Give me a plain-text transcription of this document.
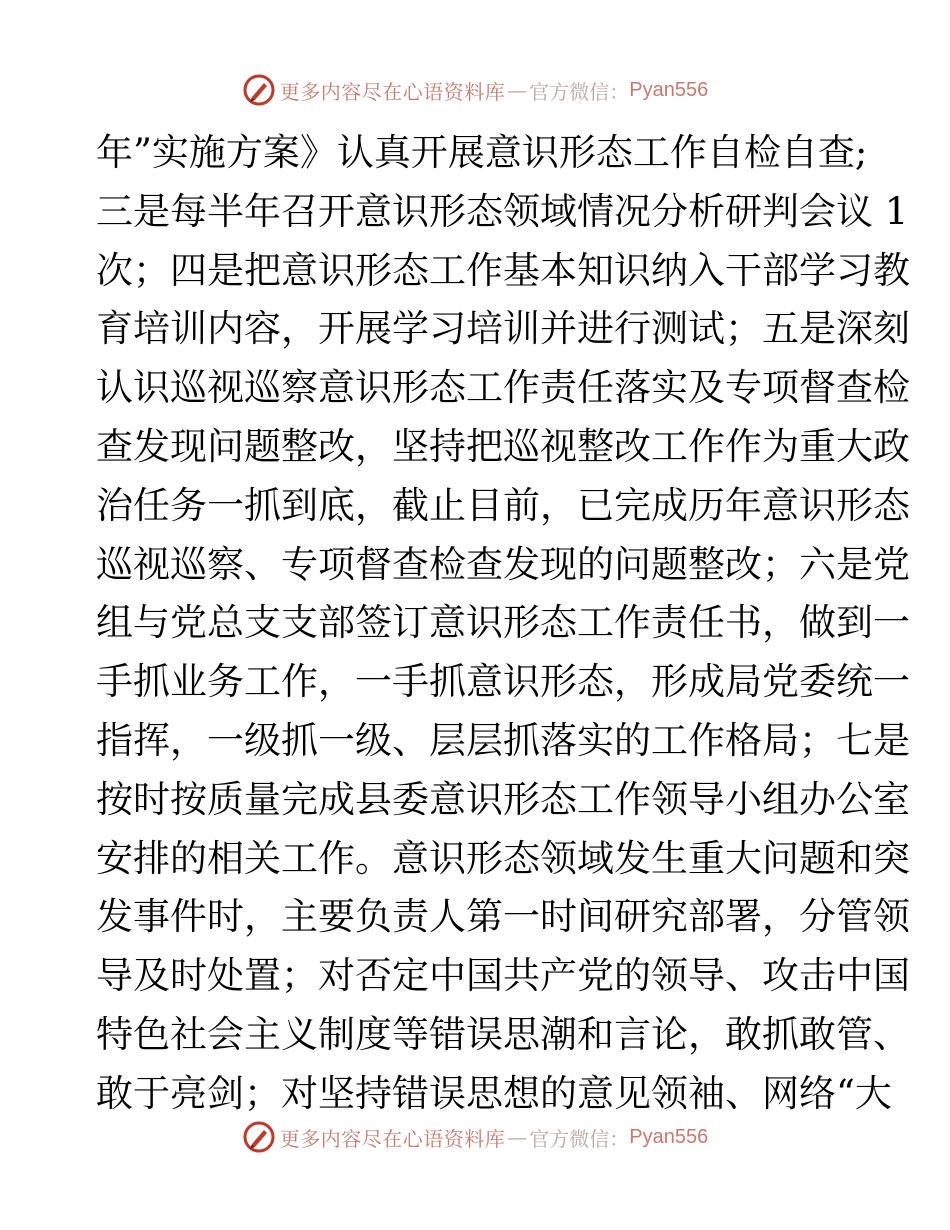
更多内容尽在心语资料库 — 官方微信： Pyan556
年”实施方案》认真开展意识形态工作自检自查;
三是每半年召开意识形态领域情况分析研判会议 1
次；四是把意识形态工作基本知识纳入干部学习教
育培训内容，开展学习培训并进行测试；五是深刻
认识巡视巡察意识形态工作责任落实及专项督查检
查发现问题整改，坚持把巡视整改工作作为重大政
治任务一抓到底，截止目前，已完成历年意识形态
巡视巡察、专项督查检查发现的问题整改；六是党
组与党总支支部签订意识形态工作责任书，做到一
手抓业务工作，一手抓意识形态，形成局党委统一
指挥，一级抓一级、层层抓落实的工作格局；七是
按时按质量完成县委意识形态工作领导小组办公室
安排的相关工作。意识形态领域发生重大问题和突
发事件时，主要负责人第一时间研究部署，分管领
导及时处置；对否定中国共产党的领导、攻击中国
特色社会主义制度等错误思潮和言论，敢抓敢管、
敢于亮剑；对坚持错误思想的意见领袖、网络“大
更多内容尽在心语资料库 — 官方微信： Pyan556
